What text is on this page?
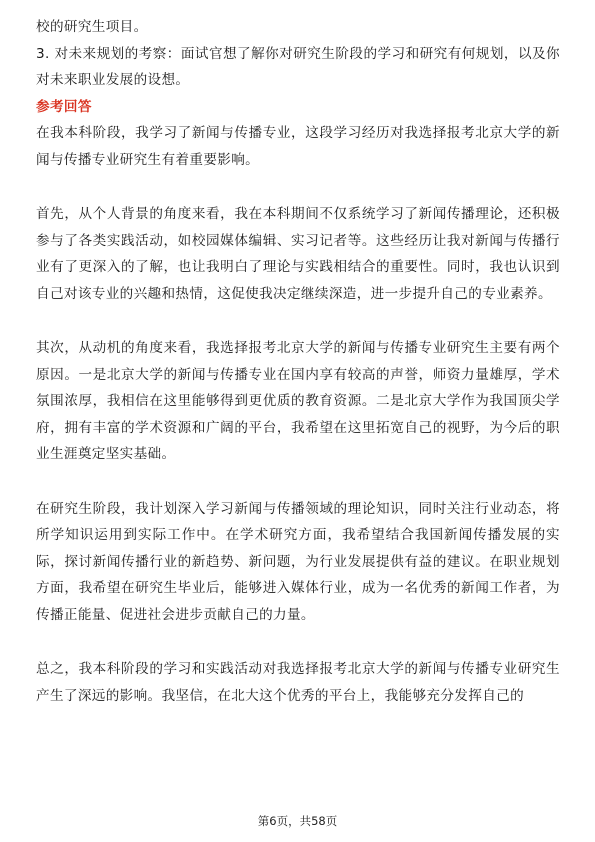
校的研究生项目。

3. 对未来规划的考察：面试官想了解你对研究生阶段的学习和研究有何规划，以及你对未来职业发展的设想。

参考回答

在我本科阶段，我学习了新闻与传播专业，这段学习经历对我选择报考北京大学的新闻与传播专业研究生有着重要影响。

首先，从个人背景的角度来看，我在本科期间不仅系统学习了新闻传播理论，还积极参与了各类实践活动，如校园媒体编辑、实习记者等。这些经历让我对新闻与传播行业有了更深入的了解，也让我明白了理论与实践相结合的重要性。同时，我也认识到自己对该专业的兴趣和热情，这促使我决定继续深造，进一步提升自己的专业素养。

其次，从动机的角度来看，我选择报考北京大学的新闻与传播专业研究生主要有两个原因。一是北京大学的新闻与传播专业在国内享有较高的声誉，师资力量雄厚，学术氛围浓厚，我相信在这里能够得到更优质的教育资源。二是北京大学作为我国顶尖学府，拥有丰富的学术资源和广阔的平台，我希望在这里拓宽自己的视野，为今后的职业生涯奠定坚实基础。

在研究生阶段，我计划深入学习新闻与传播领域的理论知识，同时关注行业动态，将所学知识运用到实际工作中。在学术研究方面，我希望结合我国新闻传播发展的实际，探讨新闻传播行业的新趋势、新问题，为行业发展提供有益的建议。在职业规划方面，我希望在研究生毕业后，能够进入媒体行业，成为一名优秀的新闻工作者，为传播正能量、促进社会进步贡献自己的力量。

总之，我本科阶段的学习和实践活动对我选择报考北京大学的新闻与传播专业研究生产生了深远的影响。我坚信，在北大这个优秀的平台上，我能够充分发挥自己的

第6页，共58页
